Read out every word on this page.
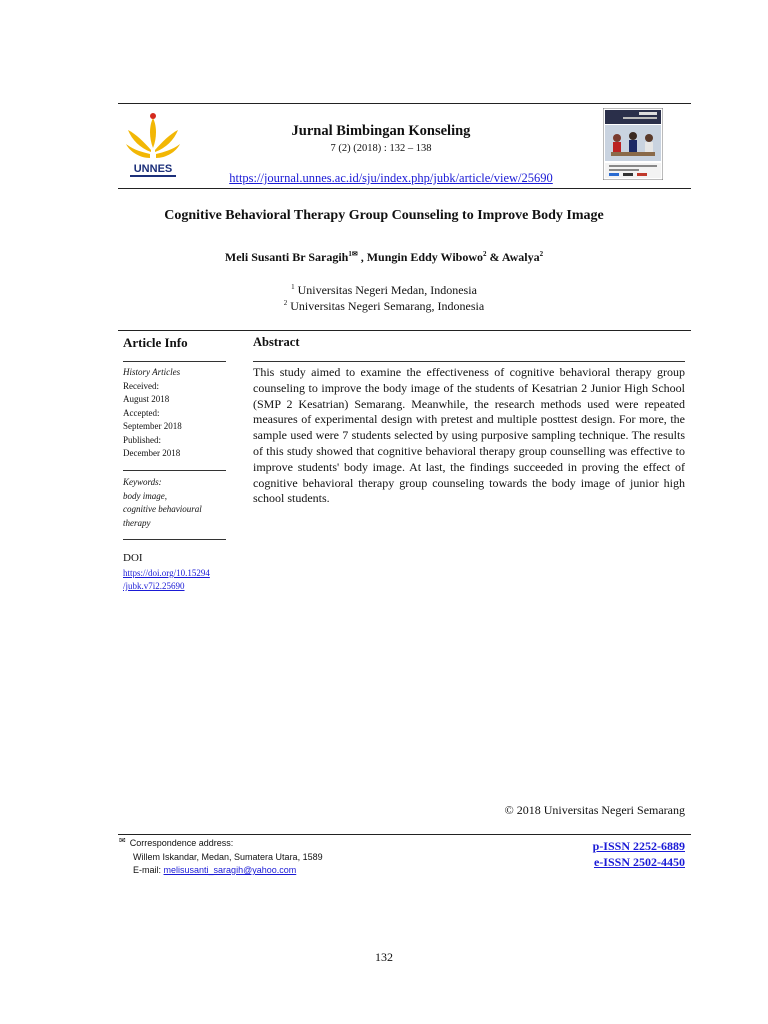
UNNES
Jurnal Bimbingan Konseling
7 (2) (2018) : 132 – 138
https://journal.unnes.ac.id/sju/index.php/jubk/article/view/25690
Cognitive Behavioral Therapy Group Counseling to Improve Body Image
Meli Susanti Br Saragih$^{1✉}$ , Mungin Eddy Wibowo$^2$ & Awalya$^2$
$^1$ Universitas Negeri Medan, Indonesia
$^2$ Universitas Negeri Semarang, Indonesia
Article Info
History Articles
Received:
August 2018
Accepted:
September 2018
Published:
December 2018
Keywords:
body image,
cognitive behavioural
therapy
DOI
https://doi.org/10.15294
/jubk.v7i2.25690
Abstract
This study aimed to examine the effectiveness of cognitive behavioral therapy group counseling to improve the body image of the students of Kesatrian 2 Junior High School (SMP 2 Kesatrian) Semarang. Meanwhile, the research methods used were repeated measures of experimental design with pretest and multiple posttest design. For more, the sample used were 7 students selected by using purposive sampling technique. The results of this study showed that cognitive behavioral therapy group counselling was effective to improve students' body image. At last, the findings succeeded in proving the effect of cognitive behavioral therapy group counseling towards the body image of junior high school students.
© 2018 Universitas Negeri Semarang
✉ Correspondence address:
Willem Iskandar, Medan, Sumatera Utara, 1589
E-mail: melisusanti_saragih@yahoo.com
p-ISSN 2252-6889
e-ISSN 2502-4450
132
